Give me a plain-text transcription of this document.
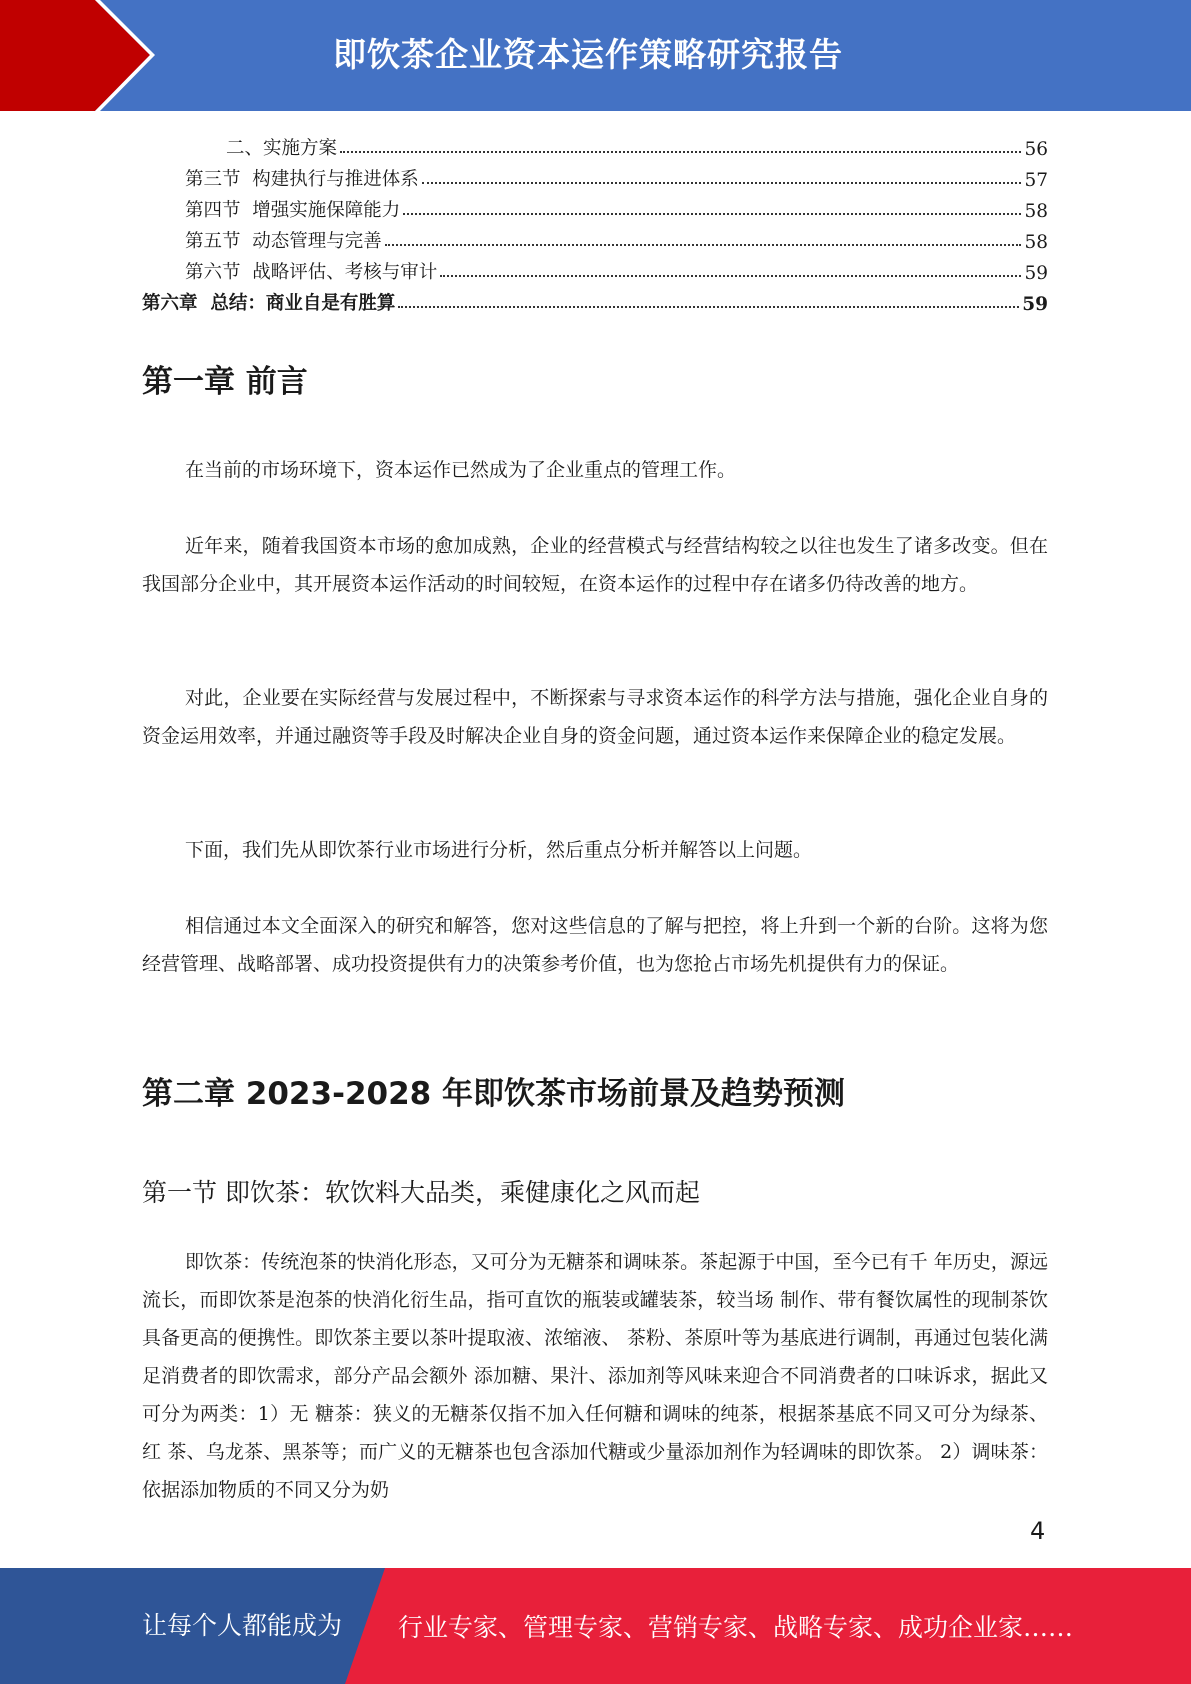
即饮茶企业资本运作策略研究报告
二、实施方案	56
第三节  构建执行与推进体系	57
第四节  增强实施保障能力	58
第五节  动态管理与完善	58
第六节  战略评估、考核与审计	59
第六章  总结：商业自是有胜算	59
第一章 前言

在当前的市场环境下，资本运作已然成为了企业重点的管理工作。

近年来，随着我国资本市场的愈加成熟，企业的经营模式与经营结构较之以往也发生了诸多改变。但在我国部分企业中，其开展资本运作活动的时间较短，在资本运作的过程中存在诸多仍待改善的地方。

对此，企业要在实际经营与发展过程中，不断探索与寻求资本运作的科学方法与措施，强化企业自身的资金运用效率，并通过融资等手段及时解决企业自身的资金问题，通过资本运作来保障企业的稳定发展。

下面，我们先从即饮茶行业市场进行分析，然后重点分析并解答以上问题。

相信通过本文全面深入的研究和解答，您对这些信息的了解与把控，将上升到一个新的台阶。这将为您经营管理、战略部署、成功投资提供有力的决策参考价值，也为您抢占市场先机提供有力的保证。

第二章 2023-2028 年即饮茶市场前景及趋势预测
第一节 即饮茶：软饮料大品类，乘健康化之风而起

即饮茶：传统泡茶的快消化形态，又可分为无糖茶和调味茶。茶起源于中国，至今已有千 年历史，源远流长，而即饮茶是泡茶的快消化衍生品，指可直饮的瓶装或罐装茶，较当场 制作、带有餐饮属性的现制茶饮具备更高的便携性。即饮茶主要以茶叶提取液、浓缩液、 茶粉、茶原叶等为基底进行调制，再通过包装化满足消费者的即饮需求，部分产品会额外 添加糖、果汁、添加剂等风味来迎合不同消费者的口味诉求，据此又可分为两类：1）无 糖茶：狭义的无糖茶仅指不加入任何糖和调味的纯茶，根据茶基底不同又可分为绿茶、红 茶、乌龙茶、黑茶等；而广义的无糖茶也包含添加代糖或少量添加剂作为轻调味的即饮茶。 2）调味茶：依据添加物质的不同又分为奶

4
让每个人都能成为 行业专家、管理专家、营销专家、战略专家、成功企业家……
